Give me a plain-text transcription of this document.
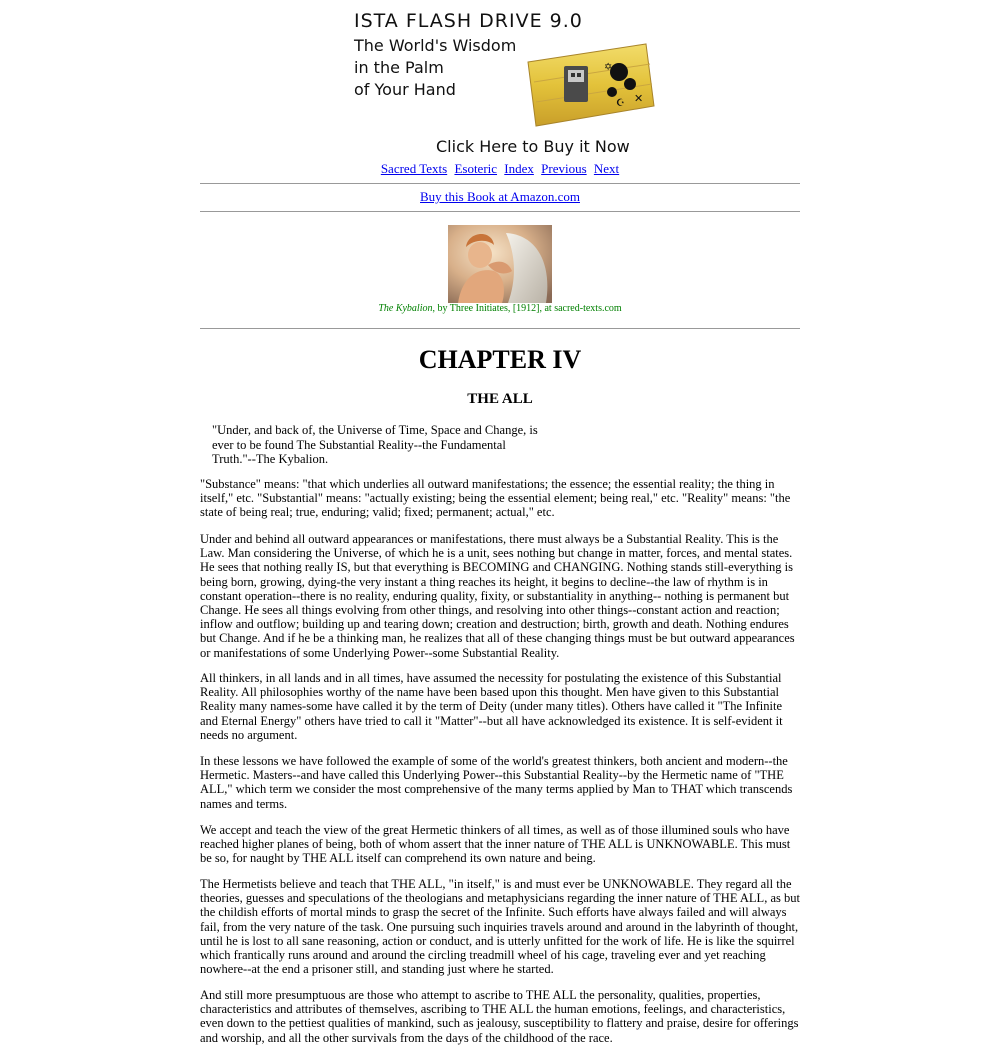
ISTA FLASH DRIVE 9.0
The World's Wisdom
in the Palm
of Your Hand
✡
✕
☪
Click Here to Buy it Now
Sacred Texts Esoteric Index Previous Next
Buy this Book at Amazon.com
The Kybalion, by Three Initiates, [1912], at sacred-texts.com
CHAPTER IV
THE ALL
"Under, and back of, the Universe of Time, Space and Change, is ever to be found The Substantial Reality--the Fundamental Truth."--The Kybalion.

"Substance" means: "that which underlies all outward manifestations; the essence; the essential reality; the thing in itself," etc. "Substantial" means: "actually existing; being the essential element; being real," etc. "Reality" means: "the state of being real; true, enduring; valid; fixed; permanent; actual," etc.

Under and behind all outward appearances or manifestations, there must always be a Substantial Reality. This is the Law. Man considering the Universe, of which he is a unit, sees nothing but change in matter, forces, and mental states. He sees that nothing really IS, but that everything is BECOMING and CHANGING. Nothing stands still-everything is being born, growing, dying-the very instant a thing reaches its height, it begins to decline--the law of rhythm is in constant operation--there is no reality, enduring quality, fixity, or substantiality in anything-- nothing is permanent but Change. He sees all things evolving from other things, and resolving into other things--constant action and reaction; inflow and outflow; building up and tearing down; creation and destruction; birth, growth and death. Nothing endures but Change. And if he be a thinking man, he realizes that all of these changing things must be but outward appearances or manifestations of some Underlying Power--some Substantial Reality.

All thinkers, in all lands and in all times, have assumed the necessity for postulating the existence of this Substantial Reality. All philosophies worthy of the name have been based upon this thought. Men have given to this Substantial Reality many names-some have called it by the term of Deity (under many titles). Others have called it "The Infinite and Eternal Energy" others have tried to call it "Matter"--but all have acknowledged its existence. It is self-evident it needs no argument.

In these lessons we have followed the example of some of the world's greatest thinkers, both ancient and modern--the Hermetic. Masters--and have called this Underlying Power--this Substantial Reality--by the Hermetic name of "THE ALL," which term we consider the most comprehensive of the many terms applied by Man to THAT which transcends names and terms.

We accept and teach the view of the great Hermetic thinkers of all times, as well as of those illumined souls who have reached higher planes of being, both of whom assert that the inner nature of THE ALL is UNKNOWABLE. This must be so, for naught by THE ALL itself can comprehend its own nature and being.

The Hermetists believe and teach that THE ALL, "in itself," is and must ever be UNKNOWABLE. They regard all the theories, guesses and speculations of the theologians and metaphysicians regarding the inner nature of THE ALL, as but the childish efforts of mortal minds to grasp the secret of the Infinite. Such efforts have always failed and will always fail, from the very nature of the task. One pursuing such inquiries travels around and around in the labyrinth of thought, until he is lost to all sane reasoning, action or conduct, and is utterly unfitted for the work of life. He is like the squirrel which frantically runs around and around the circling treadmill wheel of his cage, traveling ever and yet reaching nowhere--at the end a prisoner still, and standing just where he started.

And still more presumptuous are those who attempt to ascribe to THE ALL the personality, qualities, properties, characteristics and attributes of themselves, ascribing to THE ALL the human emotions, feelings, and characteristics, even down to the pettiest qualities of mankind, such as jealousy, susceptibility to flattery and praise, desire for offerings and worship, and all the other survivals from the days of the childhood of the race.
